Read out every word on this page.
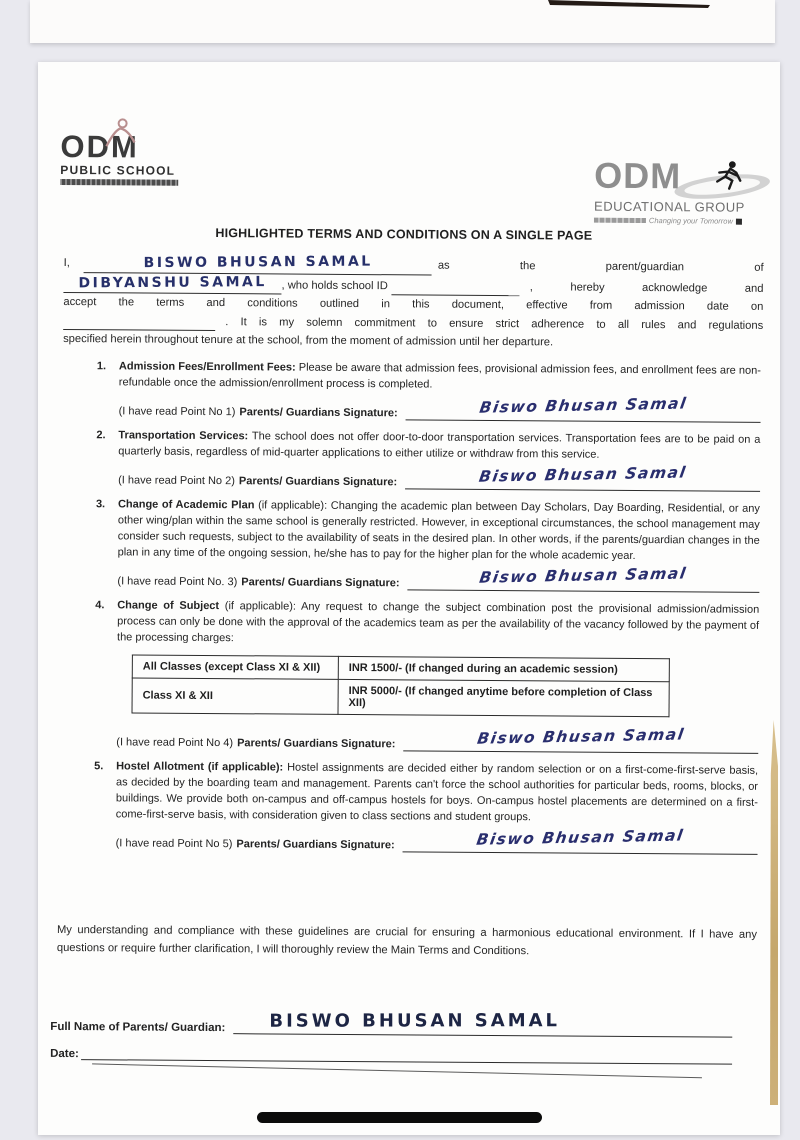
ODM
PUBLIC SCHOOL	ODM
EDUCATIONAL GROUP
Changing your Tomorrow
HIGHLIGHTED TERMS AND CONDITIONS ON A SINGLE PAGE
I,	BISWO BHUSAN SAMAL	as the parent/guardian of
DIBYANSHU SAMAL	, who holds school ID	, hereby acknowledge and
accept the terms and conditions outlined in this document, effective from admission date on
. It is my solemn commitment to ensure strict adherence to all rules and regulations
specified herein throughout tenure at the school, from the moment of admission until her departure.
1.	Admission Fees/Enrollment Fees: Please be aware that admission fees, provisional admission fees, and enrollment fees are non-refundable once the admission/enrollment process is completed.
(I have read Point No 1) Parents/ Guardians Signature:	Biswo Bhusan Samal
2.	Transportation Services: The school does not offer door-to-door transportation services. Transportation fees are to be paid on a quarterly basis, regardless of mid-quarter applications to either utilize or withdraw from this service.
(I have read Point No 2) Parents/ Guardians Signature:	Biswo Bhusan Samal
3.	Change of Academic Plan (if applicable): Changing the academic plan between Day Scholars, Day Boarding, Residential, or any other wing/plan within the same school is generally restricted. However, in exceptional circumstances, the school management may consider such requests, subject to the availability of seats in the desired plan. In other words, if the parents/guardian changes in the plan in any time of the ongoing session, he/she has to pay for the higher plan for the whole academic year.
(I have read Point No. 3) Parents/ Guardians Signature:	Biswo Bhusan Samal
4.	Change of Subject (if applicable): Any request to change the subject combination post the provisional admission/admission process can only be done with the approval of the academics team as per the availability of the vacancy followed by the payment of the processing charges:
All Classes (except Class XI & XII)	INR 1500/- (If changed during an academic session)
Class XI & XII	INR 5000/- (If changed anytime before completion of Class XII)
(I have read Point No 4) Parents/ Guardians Signature:	Biswo Bhusan Samal
5.	Hostel Allotment (if applicable): Hostel assignments are decided either by random selection or on a first-come-first-serve basis, as decided by the boarding team and management. Parents can't force the school authorities for particular beds, rooms, blocks, or buildings. We provide both on-campus and off-campus hostels for boys. On-campus hostel placements are determined on a first-come-first-serve basis, with consideration given to class sections and student groups.
(I have read Point No 5) Parents/ Guardians Signature:	Biswo Bhusan Samal
My understanding and compliance with these guidelines are crucial for ensuring a harmonious educational environment. If I have any questions or require further clarification, I will thoroughly review the Main Terms and Conditions.
Full Name of Parents/ Guardian:	BISWO BHUSAN SAMAL
Date:
